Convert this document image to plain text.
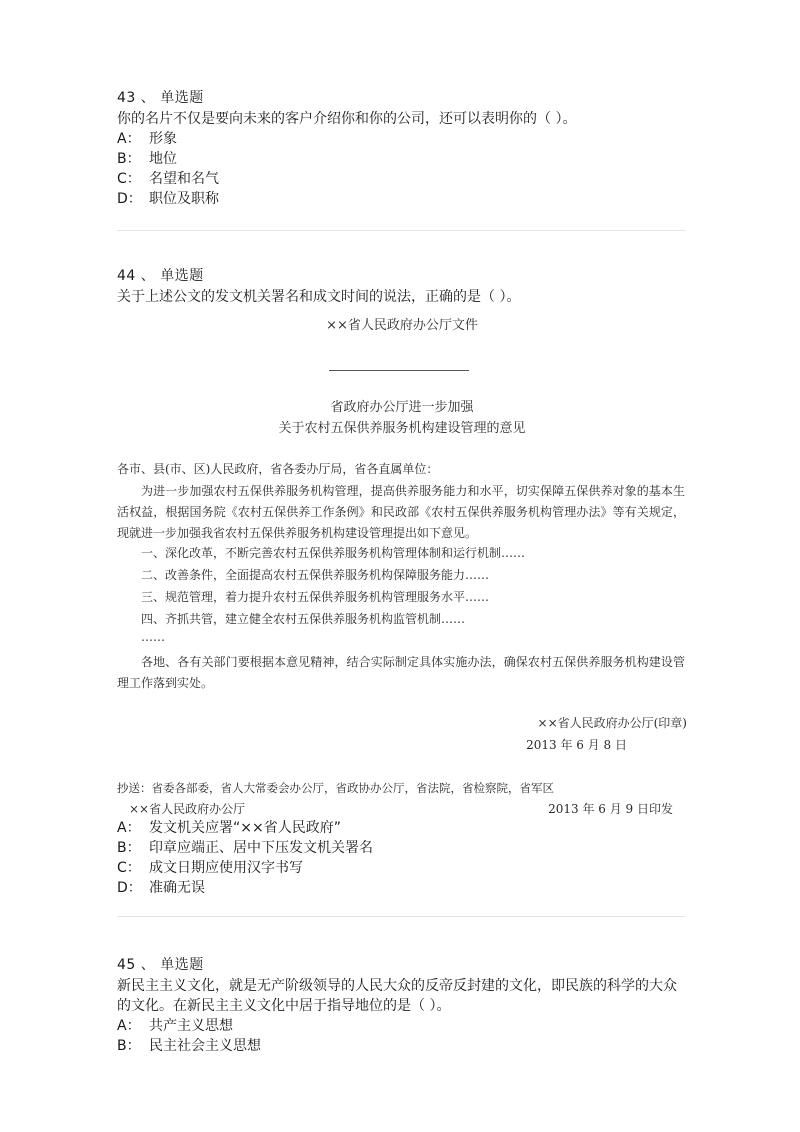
43 、 单选题
你的名片不仅是要向未来的客户介绍你和你的公司，还可以表明你的（ ）。
A： 形象
B： 地位
C： 名望和名气
D： 职位及职称
44 、 单选题
关于上述公文的发文机关署名和成文时间的说法，正确的是（ ）。
××省人民政府办公厅文件
省政府办公厅进一步加强
关于农村五保供养服务机构建设管理的意见
各市、县(市、区)人民政府，省各委办厅局，省各直属单位：
为进一步加强农村五保供养服务机构管理，提高供养服务能力和水平，切实保障五保供养对象的基本生活权益，根据国务院《农村五保供养工作条例》和民政部《农村五保供养服务机构管理办法》等有关规定，现就进一步加强我省农村五保供养服务机构建设管理提出如下意见。
一、深化改革，不断完善农村五保供养服务机构管理体制和运行机制……
二、改善条件，全面提高农村五保供养服务机构保障服务能力……
三、规范管理，着力提升农村五保供养服务机构管理服务水平……
四、齐抓共管，建立健全农村五保供养服务机构监管机制……
……
各地、各有关部门要根据本意见精神，结合实际制定具体实施办法，确保农村五保供养服务机构建设管理工作落到实处。
××省人民政府办公厅(印章)
2013 年 6 月 8 日
抄送：省委各部委，省人大常委会办公厅，省政协办公厅，省法院，省检察院，省军区
××省人民政府办公厅	2013 年 6 月 9 日印发
A： 发文机关应署“××省人民政府”
B： 印章应端正、居中下压发文机关署名
C： 成文日期应使用汉字书写
D： 准确无误
45 、 单选题
新民主主义文化，就是无产阶级领导的人民大众的反帝反封建的文化，即民族的科学的大众的文化。在新民主主义文化中居于指导地位的是（ ）。
A： 共产主义思想
B： 民主社会主义思想
